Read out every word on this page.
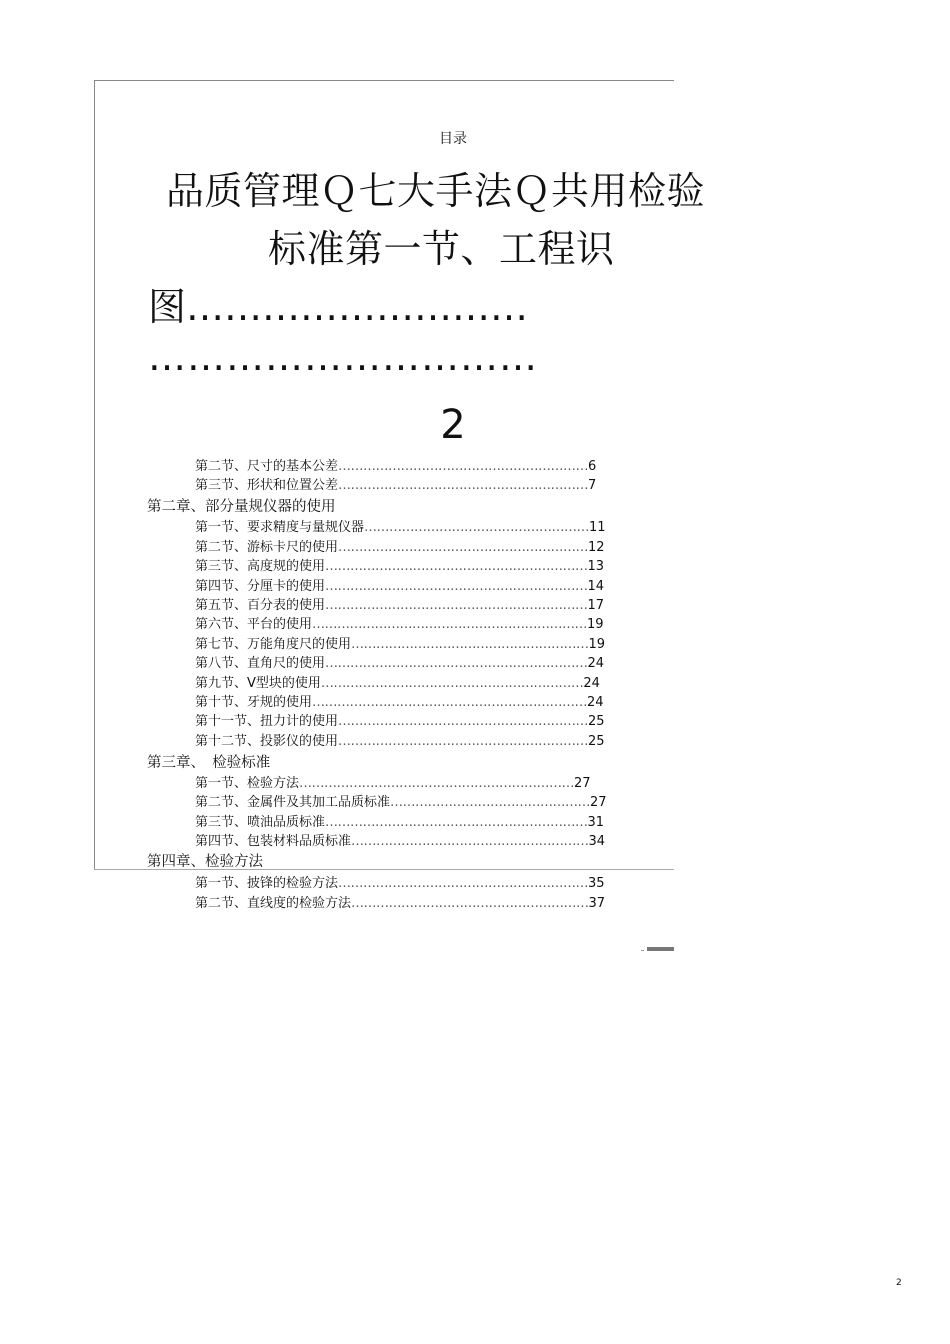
目录
品质管理Ｑ七大手法Ｑ共用检验
标准第一节、工程识
图………………………
…………………………
2
第二节、尺寸的基本公差……………………………………………………6
第三节、形状和位置公差……………………………………………………7
第二章、部分量规仪器的使用
第一节、要求精度与量规仪器………………………………………………11
第二节、游标卡尺的使用……………………………………………………12
第三节、高度规的使用………………………………………………………13
第四节、分厘卡的使用………………………………………………………14
第五节、百分表的使用………………………………………………………17
第六节、平台的使用…………………………………………………………19
第七节、万能角度尺的使用…………………………………………………19
第八节、直角尺的使用………………………………………………………24
第九节、V型块的使用………………………………………………………24
第十节、牙规的使用…………………………………………………………24
第十一节、扭力计的使用……………………………………………………25
第十二节、投影仪的使用……………………………………………………25
第三章、　检验标准
第一节、检验方法…………………………………………………………27
第二节、金属件及其加工品质标准…………………………………………27
第三节、喷油品质标准………………………………………………………31
第四节、包装材料品质标准…………………………………………………34
第四章、检验方法
第一节、披锋的检验方法……………………………………………………35
第二节、直线度的检验方法…………………………………………………37
2
